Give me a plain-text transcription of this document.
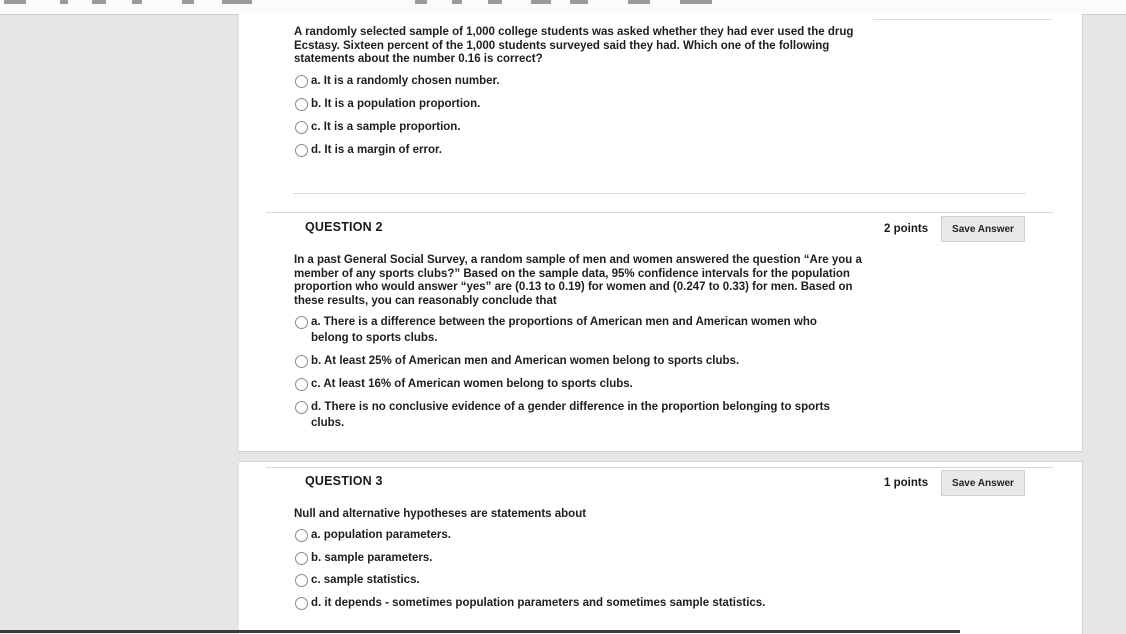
A randomly selected sample of 1,000 college students was asked whether they had ever used the drug Ecstasy. Sixteen percent of the 1,000 students surveyed said they had. Which one of the following statements about the number 0.16 is correct?

a. It is a randomly chosen number.
b. It is a population proportion.
c. It is a sample proportion.
d. It is a margin of error.
QUESTION 2	2 points	Save Answer

In a past General Social Survey, a random sample of men and women answered the question “Are you a member of any sports clubs?” Based on the sample data, 95% confidence intervals for the population proportion who would answer “yes” are (0.13 to 0.19) for women and (0.247 to 0.33) for men. Based on these results, you can reasonably conclude that

a. There is a difference between the proportions of American men and American women who belong to sports clubs.
b. At least 25% of American men and American women belong to sports clubs.
c. At least 16% of American women belong to sports clubs.
d. There is no conclusive evidence of a gender difference in the proportion belonging to sports clubs.
QUESTION 3	1 points	Save Answer

Null and alternative hypotheses are statements about

a. population parameters.
b. sample parameters.
c. sample statistics.
d. it depends - sometimes population parameters and sometimes sample statistics.
